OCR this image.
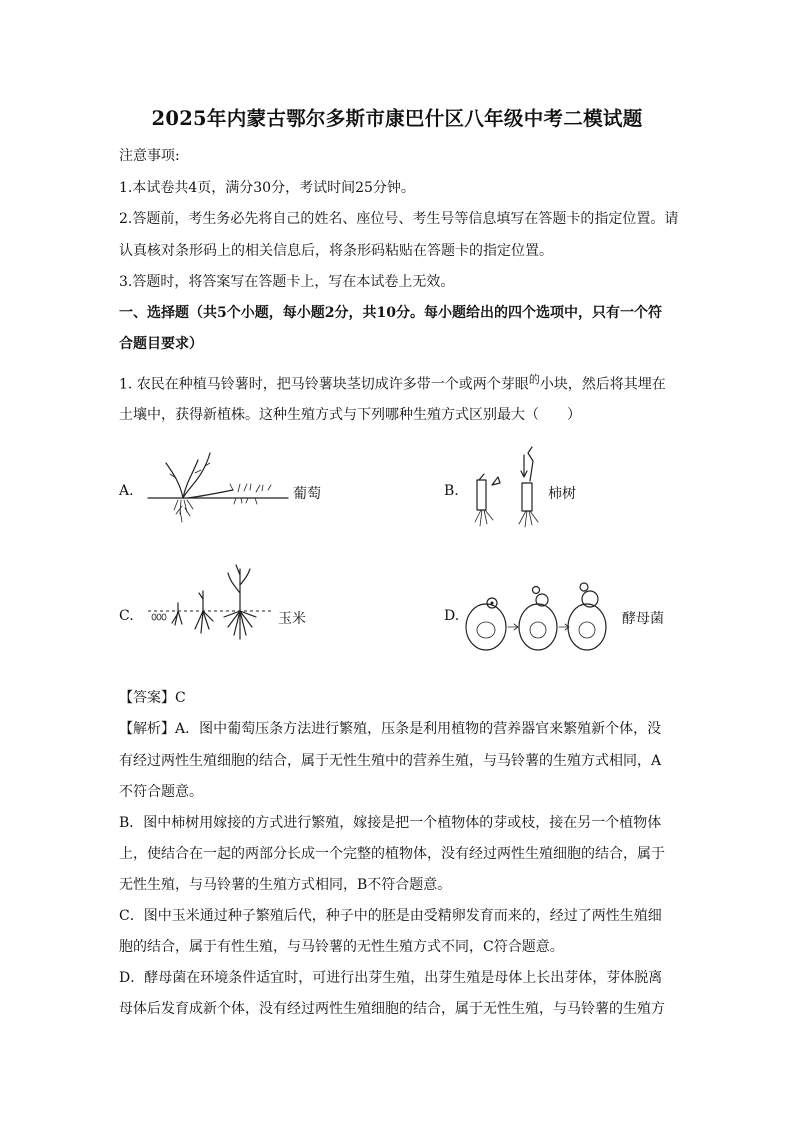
2025年内蒙古鄂尔多斯市康巴什区八年级中考二模试题
注意事项:
1.本试卷共4页，满分30分，考试时间25分钟。
2.答题前，考生务必先将自己的姓名、座位号、考生号等信息填写在答题卡的指定位置。请
认真核对条形码上的相关信息后，将条形码粘贴在答题卡的指定位置。
3.答题时，将答案写在答题卡上，写在本试卷上无效。
一、选择题（共5个小题，每小题2分，共10分。每小题给出的四个选项中，只有一个符
合题目要求）
1. 农民在种植马铃薯时，把马铃薯块茎切成许多带一个或两个芽眼$^的$小块，然后将其埋在
土壤中，获得新植株。这种生殖方式与下列哪种生殖方式区别最大（　　）
A.	葡萄	B.	柿树
C.	玉米	D.	酵母菌
【答案】C
【解析】A．图中葡萄压条方法进行繁殖，压条是利用植物的营养器官来繁殖新个体，没
有经过两性生殖细胞的结合，属于无性生殖中的营养生殖，与马铃薯的生殖方式相同，A
不符合题意。
B．图中柿树用嫁接的方式进行繁殖，嫁接是把一个植物体的芽或枝，接在另一个植物体
上，使结合在一起的两部分长成一个完整的植物体，没有经过两性生殖细胞的结合，属于
无性生殖，与马铃薯的生殖方式相同，B不符合题意。
C．图中玉米通过种子繁殖后代，种子中的胚是由受精卵发育而来的，经过了两性生殖细
胞的结合，属于有性生殖，与马铃薯的无性生殖方式不同，C符合题意。
D．酵母菌在环境条件适宜时，可进行出芽生殖，出芽生殖是母体上长出芽体，芽体脱离
母体后发育成新个体，没有经过两性生殖细胞的结合，属于无性生殖，与马铃薯的生殖方
